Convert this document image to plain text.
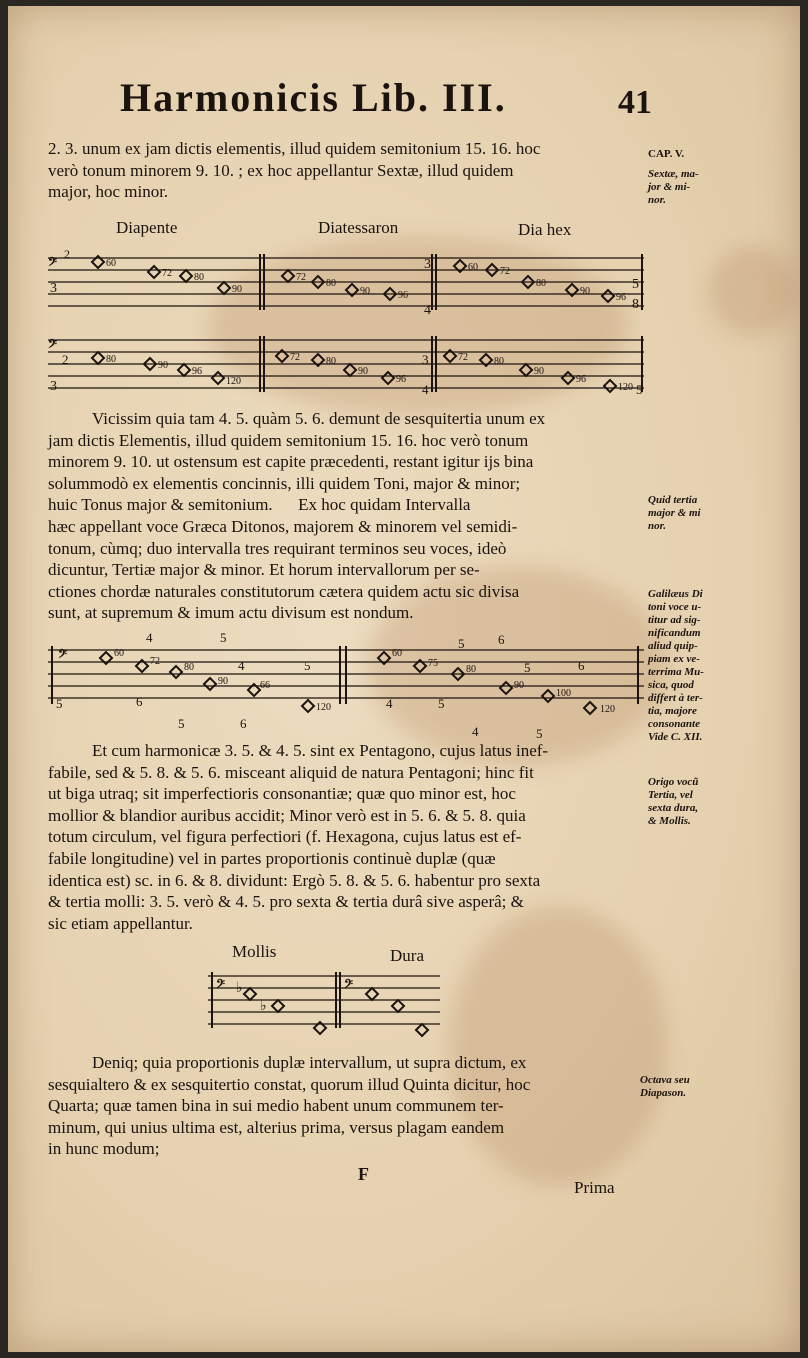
Harmonicis Lib. III.	41
2. 3. unum ex jam dictis elementis, illud quidem semitonium 15. 16. hoc
verò tonum minorem 9. 10. ; ex hoc appellantur Sextæ, illud quidem
major, hoc minor.
CAP. V.
Sextæ, ma-
jor & mi-
nor.
Diapente	Diatessaron	Dia hex
𝄢
3
60
72 80
90
72
80
90	96
60 72
80
90
96
5
8
4
3
2
𝄢
2
3
80
90
96
120
72	80
90
96
72	80
90
96
120
3
4	5
Vicissim quia tam 4. 5. quàm 5. 6. demunt de sesquitertia unum ex
jam dictis Elementis, illud quidem semitonium 15. 16. hoc verò tonum
minorem 9. 10. ut ostensum est capite præcedenti, restant igitur ijs bina
solummodò ex elementis concinnis, illi quidem Toni, major & minor;
huic Tonus major & semitonium.      Ex hoc quidam Intervalla
hæc appellant voce Græca Ditonos, majorem & minorem vel semidi-
tonum, cùmq; duo intervalla tres requirant terminos seu voces, ideò
dicuntur, Tertiæ major & minor. Et horum intervallorum per se-
ctiones chordæ naturales constitutorum cætera quidem actu sic divisa
sunt, at supremum & imum actu divisum est nondum.
Quid tertia
major & mi
nor.
Galilæus Di
toni voce u-
titur ad sig-
nificandum
aliud quip-
piam ex ve-
terrima Mu-
sica, quod
differt à ter-
tia, majore
consonante
Vide C. XII.
𝄢
4	5	5	6
5	6
4	5
60
72
80
90	66
120
60
75
80
90
100
120
4	5
5	6	4	5
5	6
Et cum harmonicæ 3. 5. & 4. 5. sint ex Pentagono, cujus latus inef-
fabile, sed & 5. 8. & 5. 6. misceant aliquid de natura Pentagoni; hinc fit
ut biga utraq; sit imperfectioris consonantiæ; quæ quo minor est, hoc
mollior & blandior auribus accidit; Minor verò est in 5. 6. & 5. 8. quia
totum circulum, vel figura perfectiori (f. Hexagona, cujus latus est ef-
fabile longitudine) vel in partes proportionis continuè duplæ (quæ
identica est) sc. in 6. & 8. dividunt: Ergò 5. 8. & 5. 6. habentur pro sexta
& tertia molli: 3. 5. verò & 4. 5. pro sexta & tertia durâ sive asperâ; &
sic etiam appellantur.
Origo vocũ
Tertia, vel
sexta dura,
& Mollis.
Mollis	Dura
𝄢 ♭
♭
𝄢
Deniq; quia proportionis duplæ intervallum, ut supra dictum, ex
sesquialtero & ex sesquitertio constat, quorum illud Quinta dicitur, hoc
Quarta; quæ tamen bina in sui medio habent unum communem ter-
minum, qui unius ultima est, alterius prima, versus plagam eandem
in hunc modum;
Octava seu
Diapason.
F
Prima
